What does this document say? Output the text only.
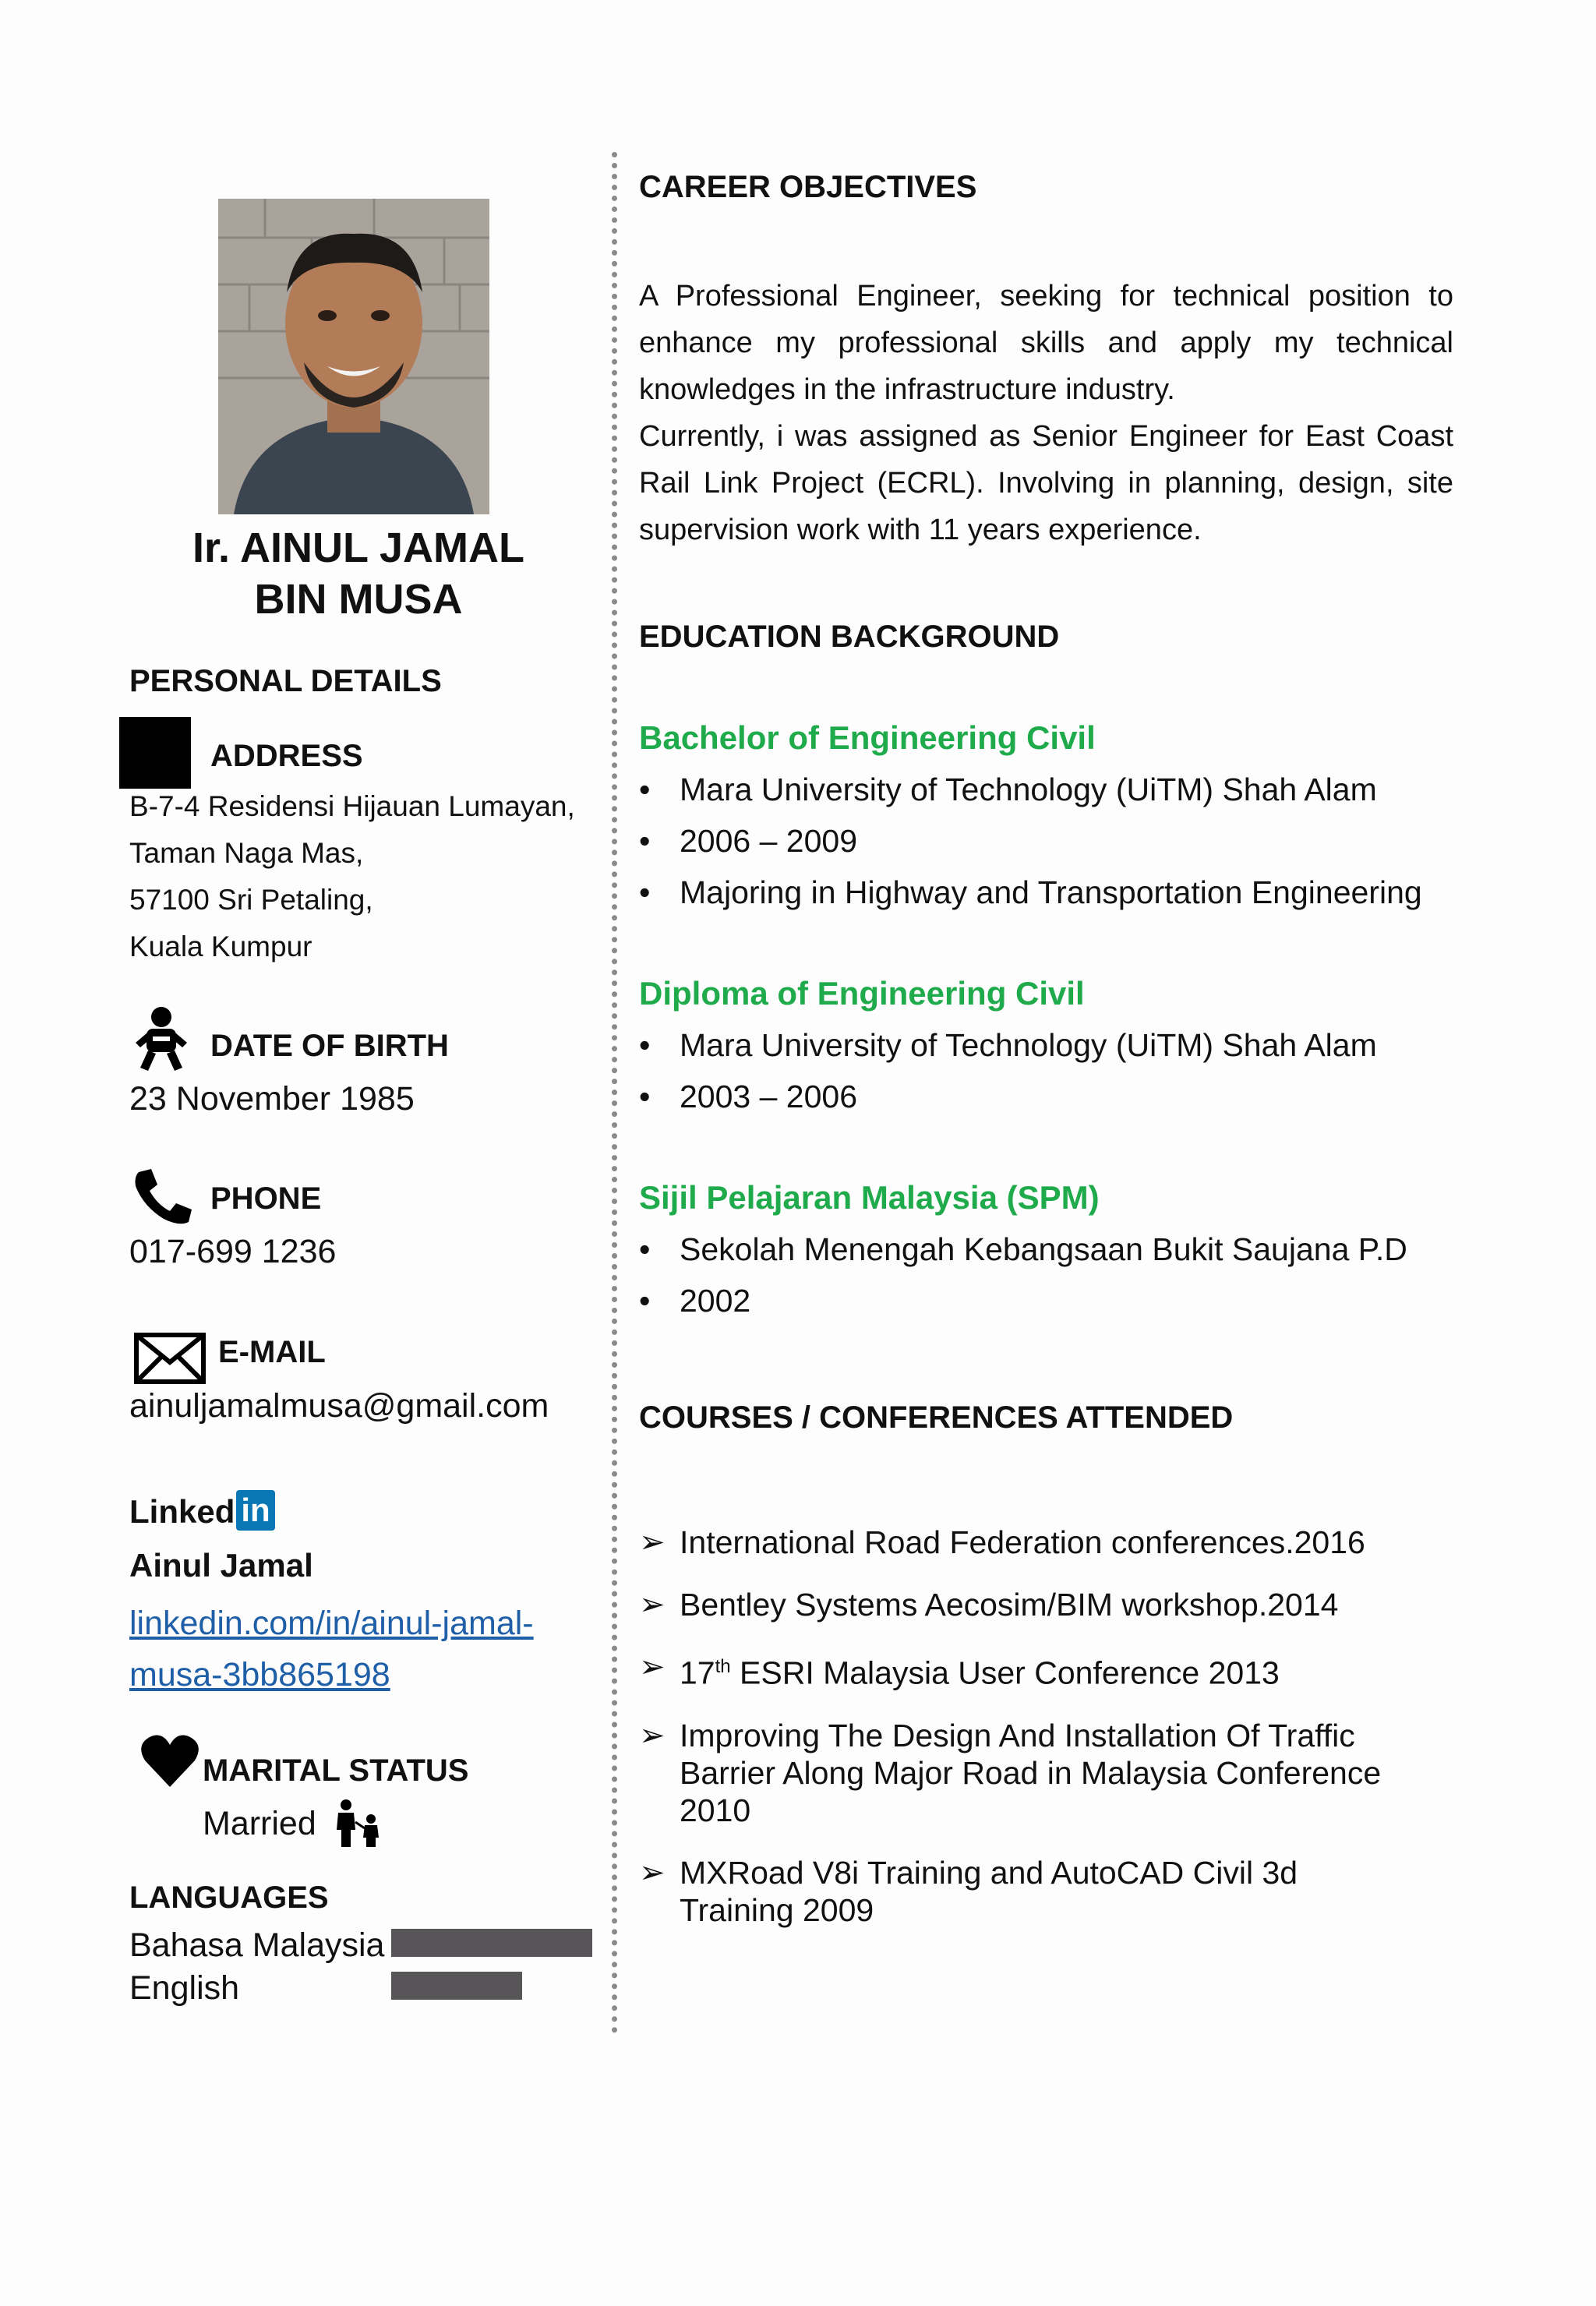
Ir. AINUL JAMAL
BIN MUSA
PERSONAL DETAILS
ADDRESS
B-7-4 Residensi Hijauan Lumayan,
Taman Naga Mas,
57100 Sri Petaling,
Kuala Kumpur
DATE OF BIRTH
23 November 1985
PHONE
017-699 1236
E-MAIL
ainuljamalmusa@gmail.com
Linked in
Ainul Jamal
linkedin.com/in/ainul-jamal-
musa-3bb865198
MARITAL STATUS
Married
LANGUAGES
Bahasa Malaysia
English
CAREER OBJECTIVES
A Professional Engineer, seeking for technical position to enhance my professional skills and apply my technical knowledges in the infrastructure industry.
Currently, i was assigned as Senior Engineer for East Coast Rail Link Project (ECRL). Involving in planning, design, site supervision work with 11 years experience.
EDUCATION BACKGROUND
Bachelor of Engineering Civil
• Mara University of Technology (UiTM) Shah Alam
• 2006 – 2009
• Majoring in Highway and Transportation Engineering
Diploma of Engineering Civil
• Mara University of Technology (UiTM) Shah Alam
• 2003 – 2006
Sijil Pelajaran Malaysia (SPM)
• Sekolah Menengah Kebangsaan Bukit Saujana P.D
• 2002
COURSES / CONFERENCES ATTENDED
➢ International Road Federation conferences.2016
➢ Bentley Systems Aecosim/BIM workshop.2014
➢ 17th ESRI Malaysia User Conference 2013
➢ Improving The Design And Installation Of Traffic Barrier Along Major Road in Malaysia Conference 2010
➢ MXRoad V8i Training and AutoCAD Civil 3d Training 2009
